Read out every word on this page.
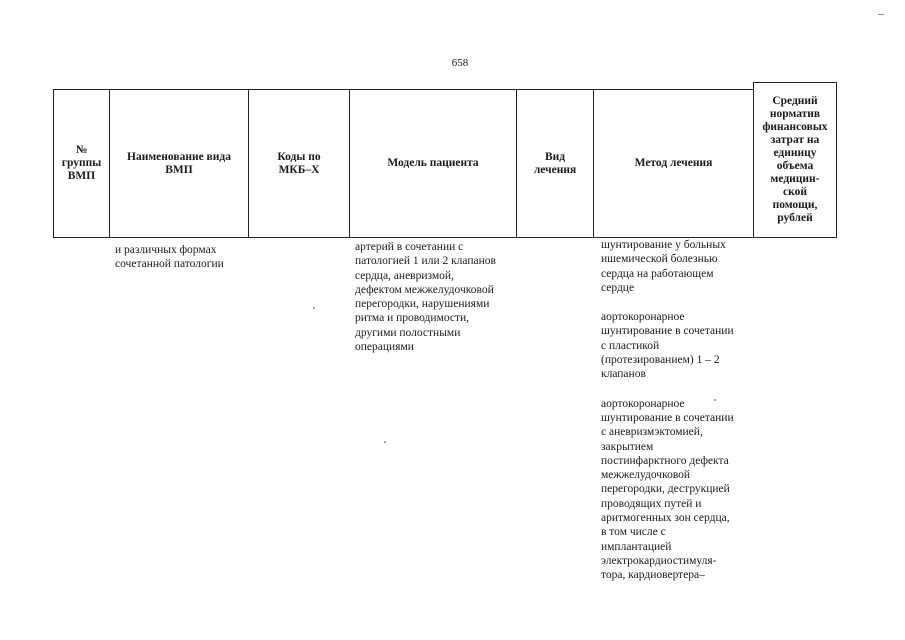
658
№
группы
ВМП
Наименование вида
ВМП
Коды по
МКБ–Х
Модель пациента
Вид
лечения
Метод лечения
Средний
норматив
финансовых
затрат на
единицу
объема
медицин-
ской
помощи,
рублей
и различных формах
сочетанной патологии
артерий в сочетании с
патологией 1 или 2 клапанов
сердца, аневризмой,
дефектом межжелудочковой
перегородки, нарушениями
ритма и проводимости,
другими полостными
операциями
шунтирование у больных
ишемической болезнью
сердца на работающем
сердце
аортокоронарное
шунтирование в сочетании
с пластикой
(протезированием) 1 – 2
клапанов
аортокоронарное
шунтирование в сочетании
с аневризмэктомией,
закрытием
постинфарктного дефекта
межжелудочковой
перегородки, деструкцией
проводящих путей и
аритмогенных зон сердца,
в том числе с
имплантацией
электрокардиостимуля-
тора, кардиовертера–
